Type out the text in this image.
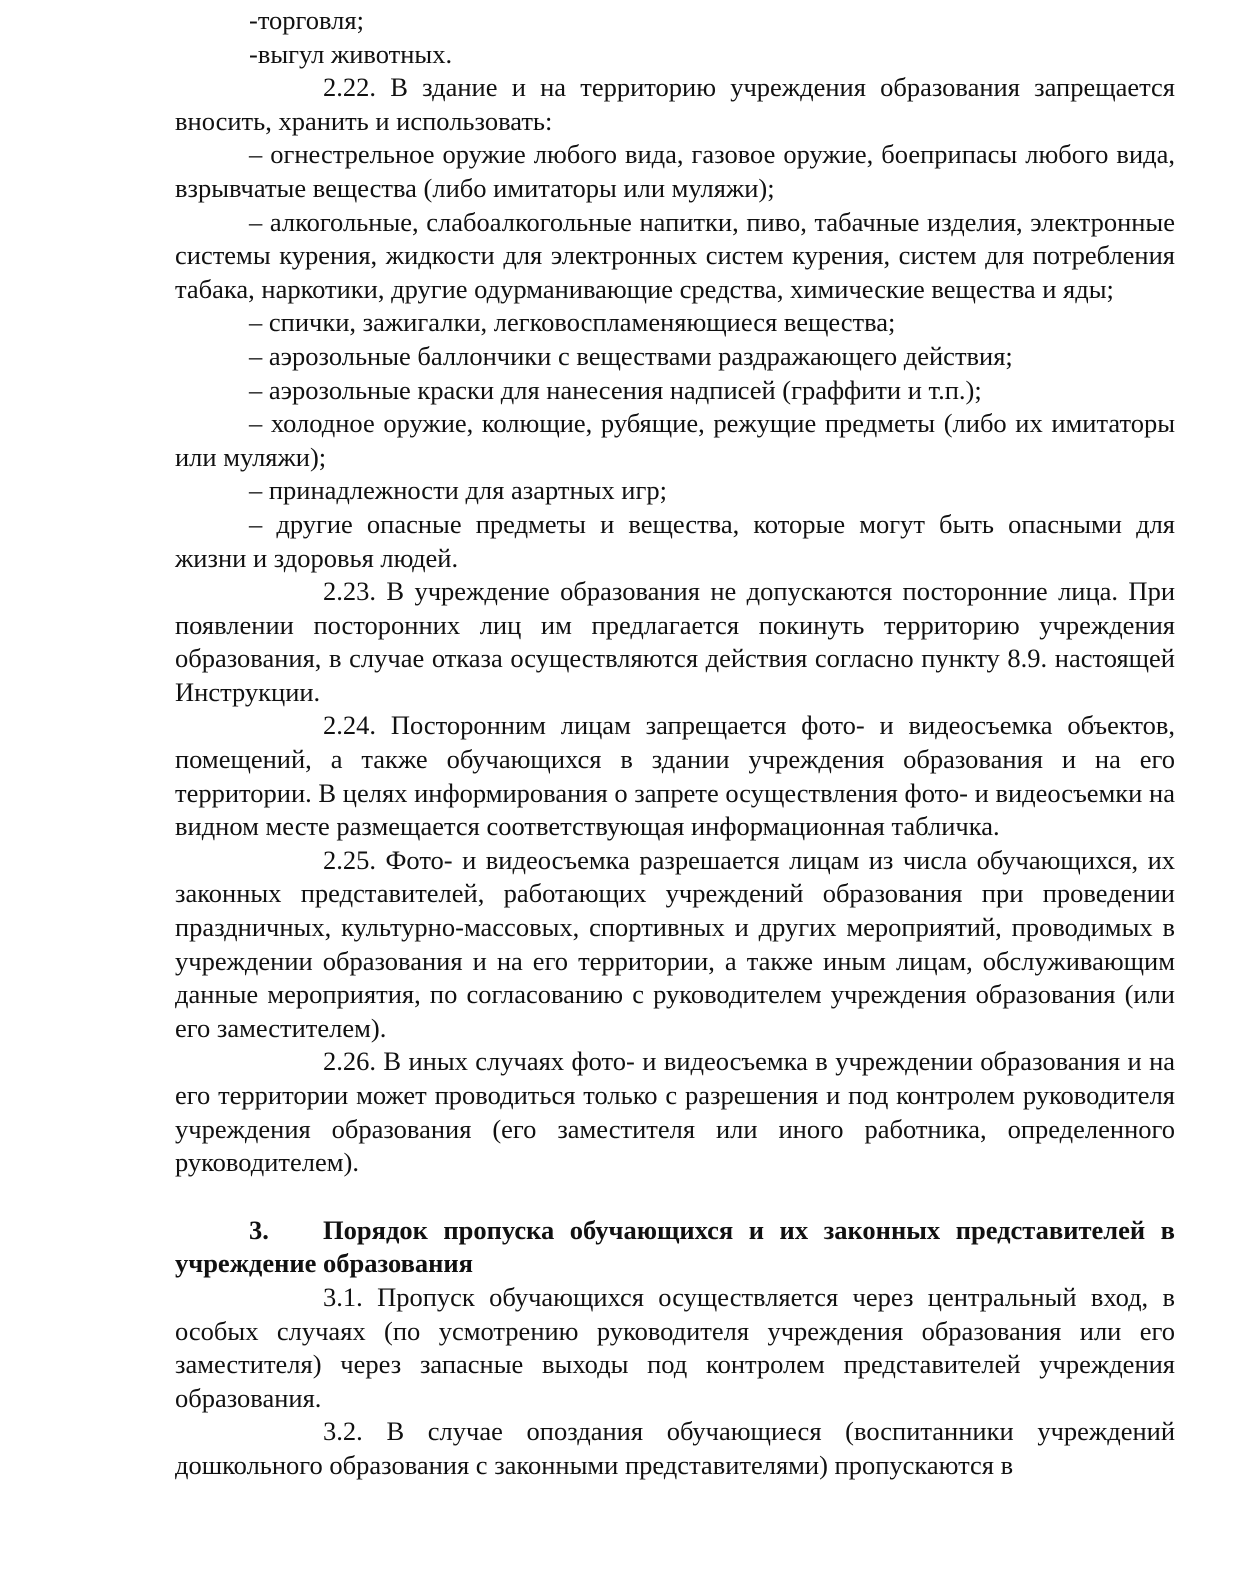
-торговля;

-выгул животных.

2.22. В здание и на территорию учреждения образования запрещается вносить, хранить и использовать:

– огнестрельное оружие любого вида, газовое оружие, боеприпасы любого вида, взрывчатые вещества (либо имитаторы или муляжи);

– алкогольные, слабоалкогольные напитки, пиво, табачные изделия, электронные системы курения, жидкости для электронных систем курения, систем для потребления табака, наркотики, другие одурманивающие средства, химические вещества и яды;

– спички, зажигалки, легковоспламеняющиеся вещества;

– аэрозольные баллончики с веществами раздражающего действия;

– аэрозольные краски для нанесения надписей (граффити и т.п.);

– холодное оружие, колющие, рубящие, режущие предметы (либо их имитаторы или муляжи);

– принадлежности для азартных игр;

– другие опасные предметы и вещества, которые могут быть опасными для жизни и здоровья людей.

2.23. В учреждение образования не допускаются посторонние лица. При появлении посторонних лиц им предлагается покинуть территорию учреждения образования, в случае отказа осуществляются действия согласно пункту 8.9. настоящей Инструкции.

2.24. Посторонним лицам запрещается фото- и видеосъемка объектов, помещений, а также обучающихся в здании учреждения образования и на его территории. В целях информирования о запрете осуществления фото- и видеосъемки на видном месте размещается соответствующая информационная табличка.

2.25. Фото- и видеосъемка разрешается лицам из числа обучающихся, их законных представителей, работающих учреждений образования при проведении праздничных, культурно-массовых, спортивных и других мероприятий, проводимых в учреждении образования и на его территории, а также иным лицам, обслуживающим данные мероприятия, по согласованию с руководителем учреждения образования (или его заместителем).

2.26. В иных случаях фото- и видеосъемка в учреждении образования и на его территории может проводиться только с разрешения и под контролем руководителя учреждения образования (его заместителя или иного работника, определенного руководителем).

3. Порядок пропуска обучающихся и их законных представителей в учреждение образования

3.1. Пропуск обучающихся осуществляется через центральный вход, в особых случаях (по усмотрению руководителя учреждения образования или его заместителя) через запасные выходы под контролем представителей учреждения образования.

3.2. В случае опоздания обучающиеся (воспитанники учреждений дошкольного образования с законными представителями) пропускаются в
